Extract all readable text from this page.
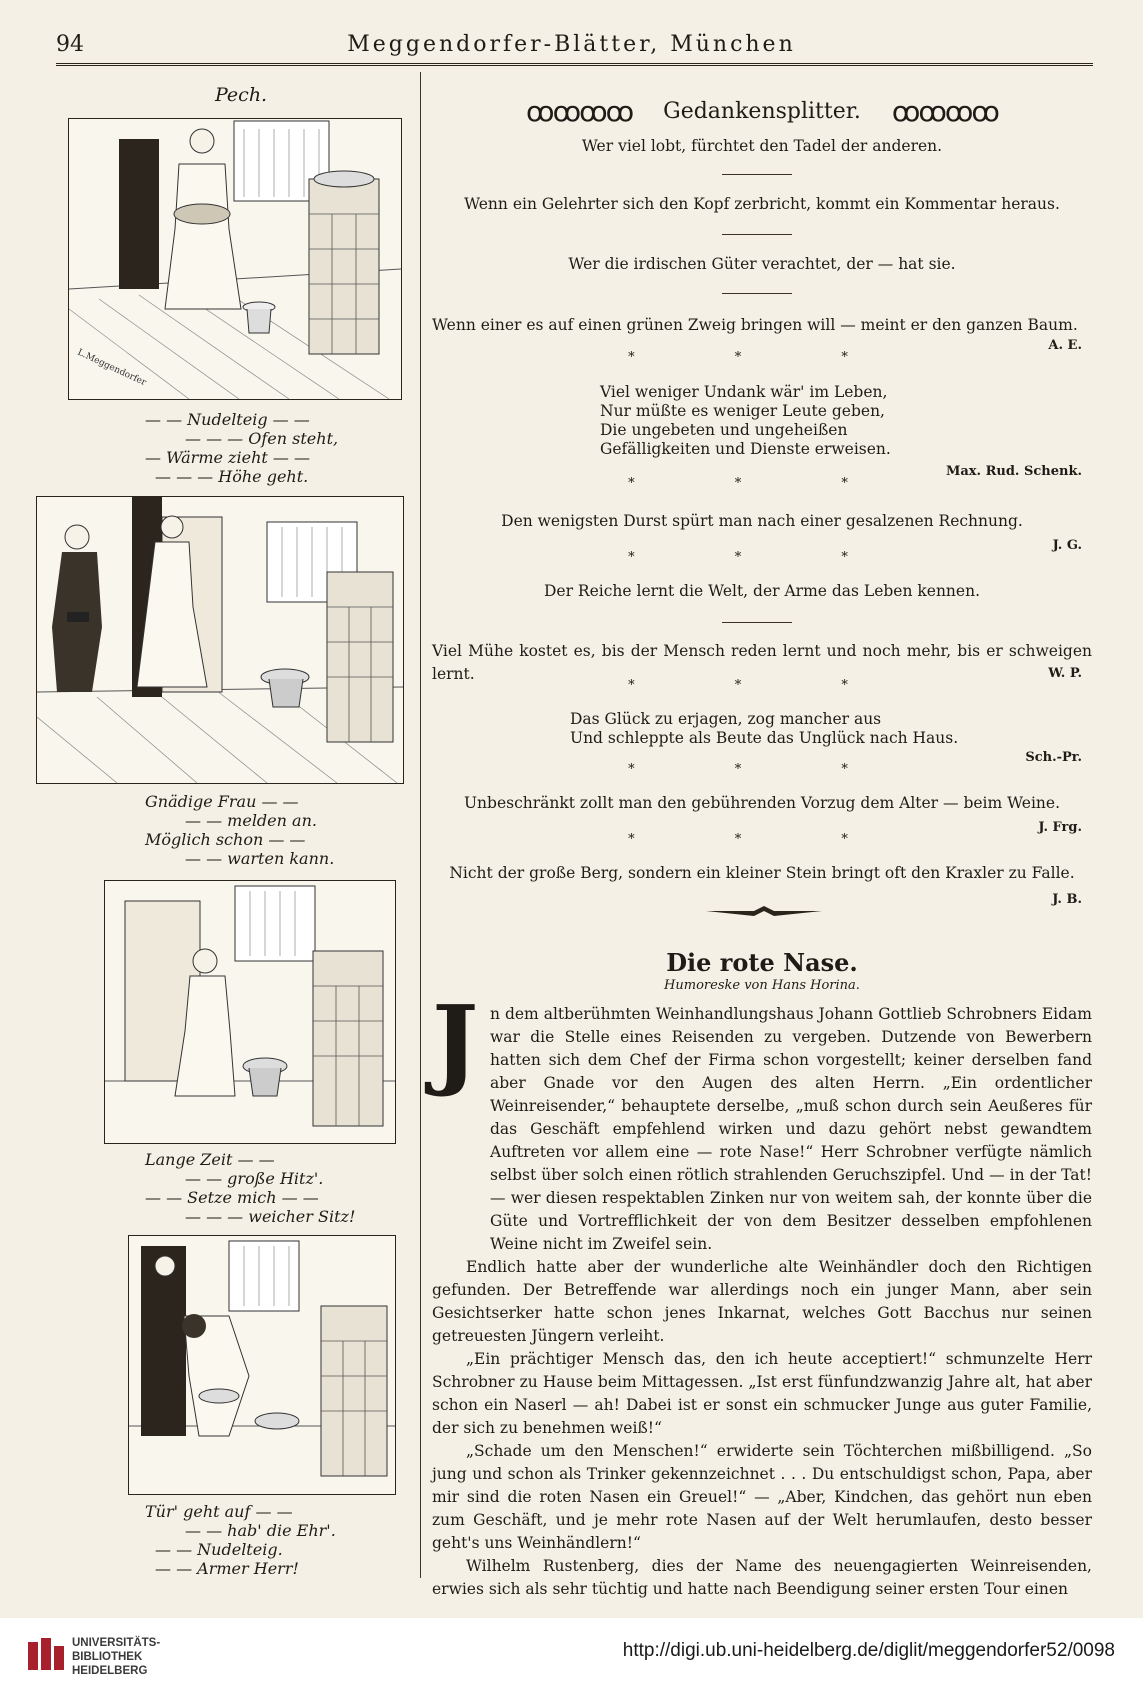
94	Meggendorfer-Blätter, München
Pech.
L.Meggendorfer
— — Nudelteig — —
— — — Ofen steht,
— Wärme zieht — —
— — — Höhe geht.
Gnädige Frau — —
— — melden an.
Möglich schon — —
— — warten kann.
Lange Zeit — —
— — große Hitz'.
— — Setze mich — —
— — — weicher Sitz!
Tür' geht auf — —
— — hab' die Ehr'.
— — Nudelteig.
— — Armer Herr!
ꝏꝏꝏꝏ Gedankensplitter. ꝏꝏꝏꝏ
Wer viel lobt, fürchtet den Tadel der anderen.
Wenn ein Gelehrter sich den Kopf zerbricht, kommt ein Kommentar heraus.
Wer die irdischen Güter verachtet, der — hat sie.
Wenn einer es auf einen grünen Zweig bringen will — meint er den ganzen Baum.
A. E.
* * *
Viel weniger Undank wär' im Leben,
Nur müßte es weniger Leute geben,
Die ungebeten und ungeheißen
Gefälligkeiten und Dienste erweisen.
Max. Rud. Schenk.
* * *
Den wenigsten Durst spürt man nach einer gesalzenen Rechnung.
J. G.
* * *
Der Reiche lernt die Welt, der Arme das Leben kennen.
Viel Mühe kostet es, bis der Mensch reden lernt und noch mehr, bis er schweigen lernt.	W. P.
* * *
Das Glück zu erjagen, zog mancher aus
Und schleppte als Beute das Unglück nach Haus.
Sch.-Pr.
* * *
Unbeschränkt zollt man den gebührenden Vorzug dem Alter — beim Weine.
J. Frg.
* * *
Nicht der große Berg, sondern ein kleiner Stein bringt oft den Kraxler zu Falle.
J. B.
Die rote Nase.
Humoreske von Hans Horina.
J n dem altberühmten Weinhandlungshaus Johann Gottlieb Schrobners Eidam war die Stelle eines Reisenden zu vergeben. Dutzende von Bewerbern hatten sich dem Chef der Firma schon vorgestellt; keiner derselben fand aber Gnade vor den Augen des alten Herrn. „Ein ordentlicher Weinreisender,“ behauptete derselbe, „muß schon durch sein Aeußeres für das Geschäft empfehlend wirken und dazu gehört nebst gewandtem Auftreten vor allem eine — rote Nase!“ Herr Schrobner verfügte nämlich selbst über solch einen rötlich strahlenden Geruchszipfel. Und — in der Tat! — wer diesen respektablen Zinken nur von weitem sah, der konnte über die Güte und Vortrefflichkeit der von dem Besitzer desselben empfohlenen Weine nicht im Zweifel sein.

Endlich hatte aber der wunderliche alte Weinhändler doch den Richtigen gefunden. Der Betreffende war allerdings noch ein junger Mann, aber sein Gesichtserker hatte schon jenes Inkarnat, welches Gott Bacchus nur seinen getreuesten Jüngern verleiht.

„Ein prächtiger Mensch das, den ich heute acceptiert!“ schmunzelte Herr Schrobner zu Hause beim Mittagessen. „Ist erst fünfundzwanzig Jahre alt, hat aber schon ein Naserl — ah! Dabei ist er sonst ein schmucker Junge aus guter Familie, der sich zu benehmen weiß!“

„Schade um den Menschen!“ erwiderte sein Töchterchen mißbilligend. „So jung und schon als Trinker gekennzeichnet . . . Du entschuldigst schon, Papa, aber mir sind die roten Nasen ein Greuel!“ — „Aber, Kindchen, das gehört nun eben zum Geschäft, und je mehr rote Nasen auf der Welt herumlaufen, desto besser geht's uns Weinhändlern!“

Wilhelm Rustenberg, dies der Name des neuengagierten Weinreisenden, erwies sich als sehr tüchtig und hatte nach Beendigung seiner ersten Tour einen

UNIVERSITÄTS-
BIBLIOTHEK
HEIDELBERG
http://digi.ub.uni-heidelberg.de/diglit/meggendorfer52/0098
